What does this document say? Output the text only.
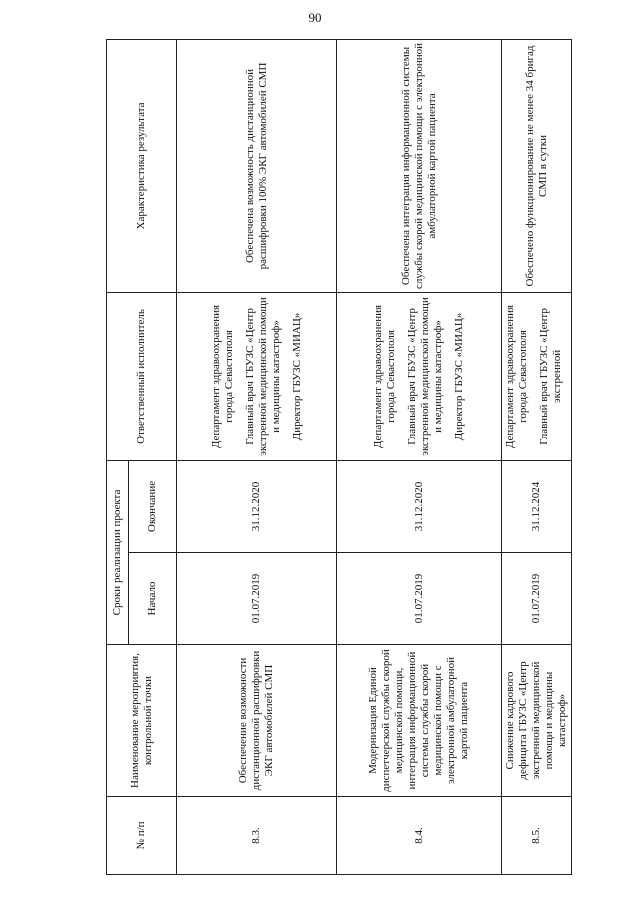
90
№ п/п	Наименование мероприятия, контрольной точки	Сроки реализации проекта		Ответственный исполнитель	Характеристика результата
		Начало	Окончание		
8.3.	Обеспечение возможности дистанционной расшифровки ЭКГ автомобилей СМП	01.07.2019	31.12.2020	Департамент здравоохранения города Севастополя Главный врач ГБУЗС «Центр экстренной медицинской помощи и медицины катастроф» Директор ГБУЗС «МИАЦ»	Обеспечена возможность дистанционной расшифровки 100% ЭКГ автомобилей СМП
8.4.	Модернизация Единой диспетчерской службы скорой медицинской помощи, интеграция информационной системы службы скорой медицинской помощи с электронной амбулаторной картой пациента	01.07.2019	31.12.2020	Департамент здравоохранения города Севастополя Главный врач ГБУЗС «Центр экстренной медицинской помощи и медицины катастроф» Директор ГБУЗС «МИАЦ»	Обеспечена интеграция информационной системы службы скорой медицинской помощи с электронной амбулаторной картой пациента
8.5.	Снижение кадрового дефицита ГБУЗС «Центр экстренной медицинской помощи и медицины катастроф»	01.07.2019	31.12.2024	Департамент здравоохранения города Севастополя Главный врач ГБУЗС «Центр экстренной	Обеспечено функционирование не менее 34 бригад СМП в сутки
